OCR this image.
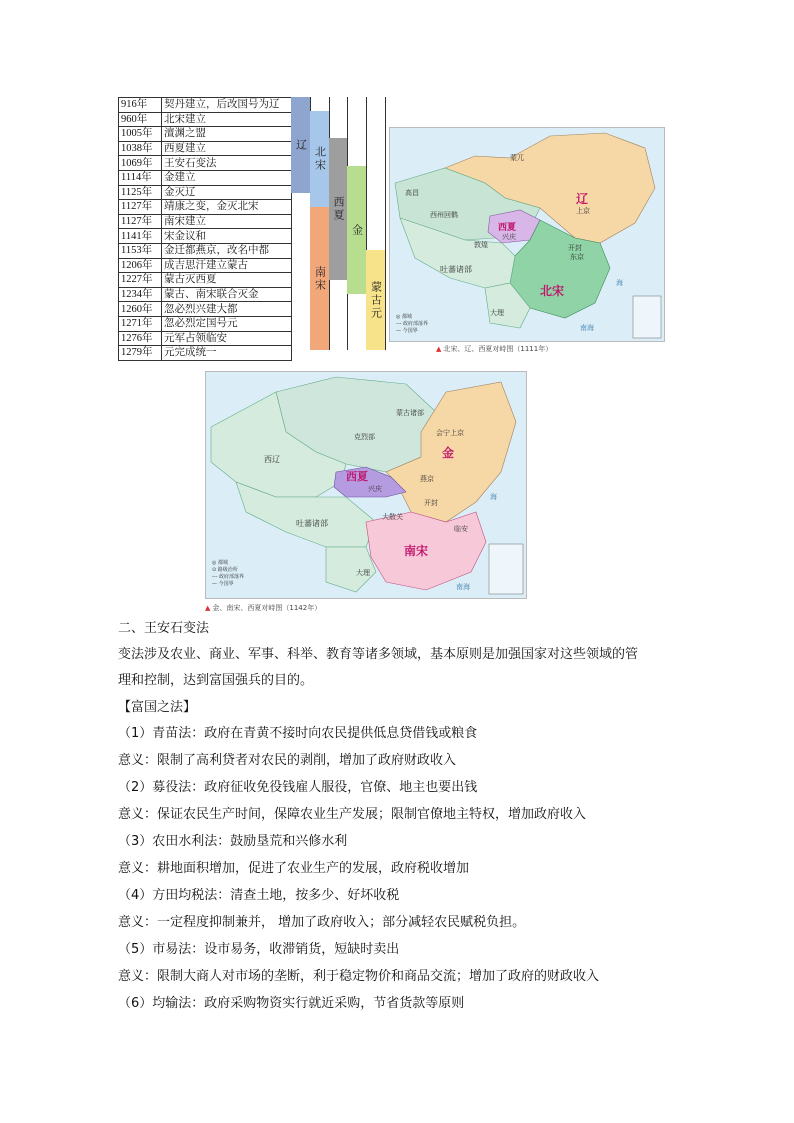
916年	契丹建立，后改国号为辽
960年	北宋建立
1005年	澶渊之盟
1038年	西夏建立
1069年	王安石变法
1114年	金建立
1125年	金灭辽
1127年	靖康之变，金灭北宋
1127年	南宋建立
1141年	宋金议和
1153年	金迁都燕京，改名中都
1206年	成吉思汗建立蒙古
1227年	蒙古灭西夏
1234年	蒙古、南宋联合灭金
1260年	忽必烈兴建大都
1271年	忽必烈定国号元
1276年	元军占领临安
1279年	元完成统一
辽
北宋
南宋
西夏
金
蒙古元
辽
西夏
北宋
兴庆
东京
开封
西州回鹘
高昌
敦煌
吐蕃诸部
大理
上京
蒙兀
海
南海
◎ 都城
--- 政府部落界
— 今国界
▲ 北宋、辽、西夏对峙图（1111年）
金
西夏
南宋
兴庆
临安
会宁上京
燕京
开封
西辽
克烈部
蒙古诸部
吐蕃诸部
大理
大散关
海
南海
◎ 都城
⊙ 路级治所
--- 政府部落界
— 今国界
▲ 金、南宋、西夏对峙图（1142年）
二、王安石变法
变法涉及农业、商业、军事、科举、教育等诸多领域，基本原则是加强国家对这些领域的管
理和控制，达到富国强兵的目的。
【富国之法】
（1）青苗法：政府在青黄不接时向农民提供低息贷借钱或粮食
意义：限制了高利贷者对农民的剥削，增加了政府财政收入
（2）募役法：政府征收免役钱雇人服役，官僚、地主也要出钱
意义：保证农民生产时间，保障农业生产发展；限制官僚地主特权，增加政府收入
（3）农田水利法：鼓励垦荒和兴修水利
意义：耕地面积增加，促进了农业生产的发展，政府税收增加
（4）方田均税法：清查土地，按多少、好坏收税
意义：一定程度抑制兼并， 增加了政府收入；部分减轻农民赋税负担。
（5）市易法：设市易务，收滞销货，短缺时卖出
意义：限制大商人对市场的垄断，利于稳定物价和商品交流；增加了政府的财政收入
（6）均输法：政府采购物资实行就近采购，节省货款等原则
